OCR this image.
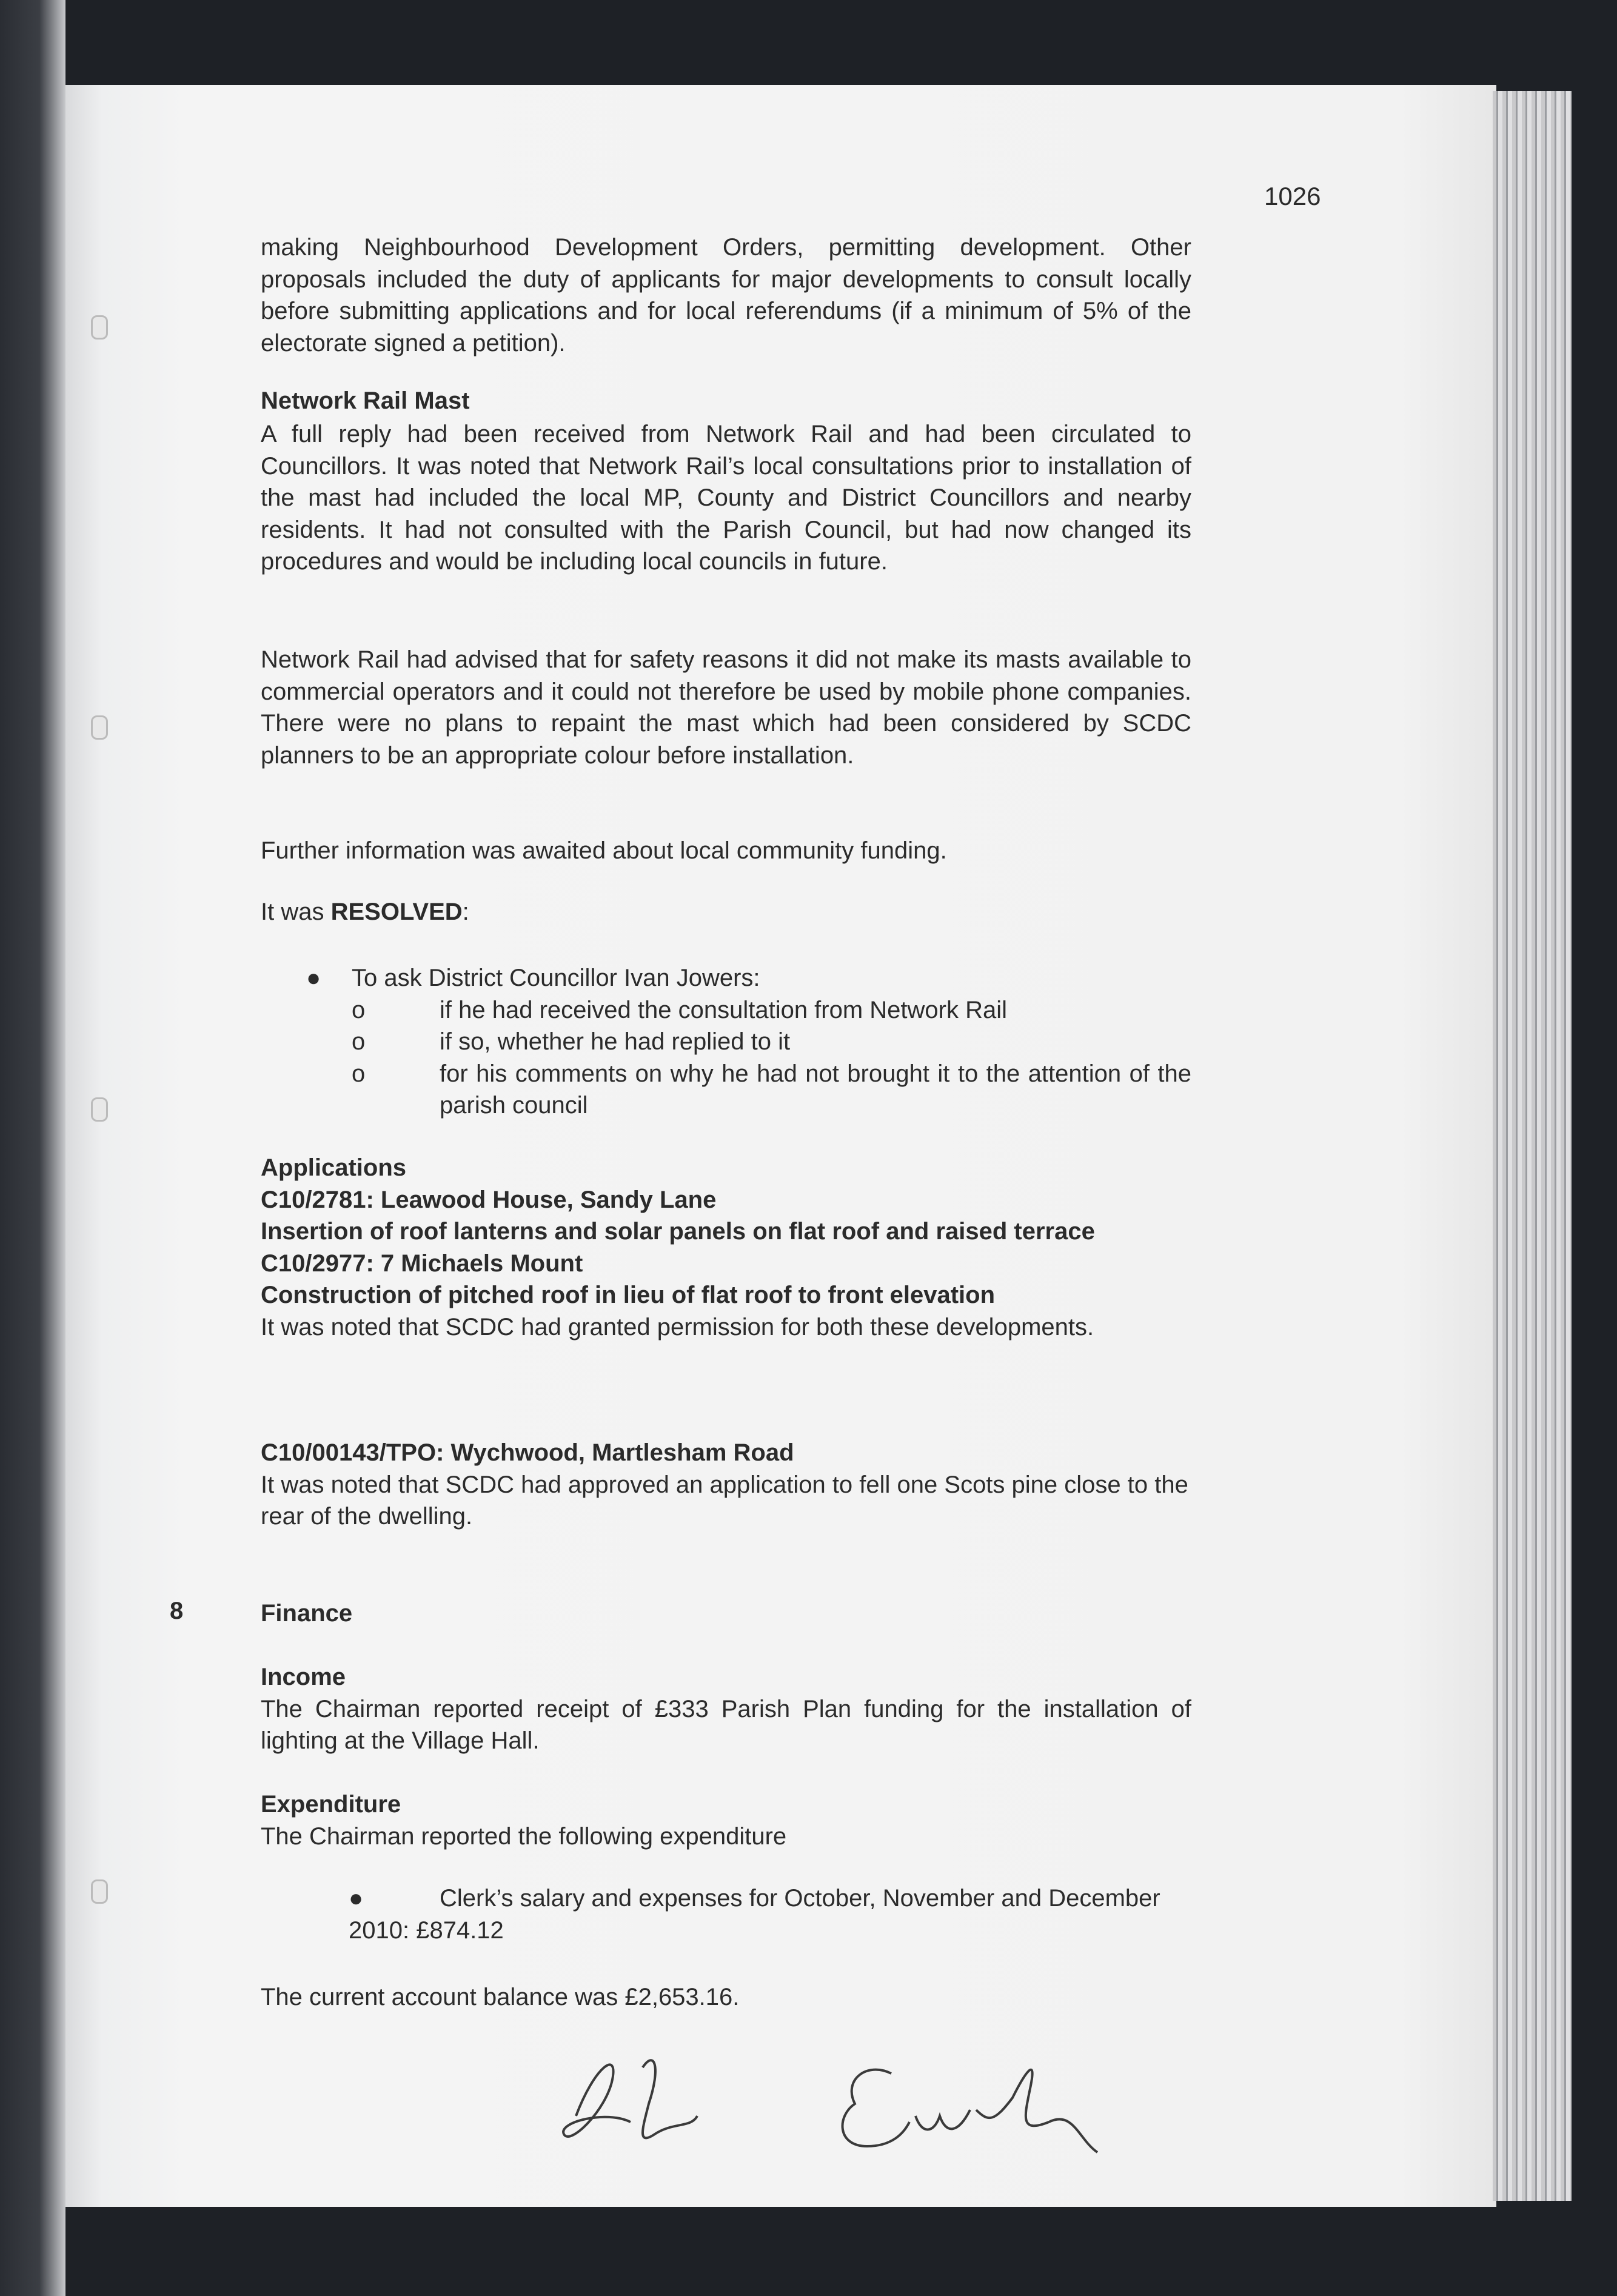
1026
making Neighbourhood Development Orders, permitting development. Other proposals included the duty of applicants for major developments to consult locally before submitting applications and for local referendums (if a minimum of 5% of the electorate signed a petition).
Network Rail Mast
A full reply had been received from Network Rail and had been circulated to Councillors. It was noted that Network Rail’s local consultations prior to installation of the mast had included the local MP, County and District Councillors and nearby residents. It had not consulted with the Parish Council, but had now changed its procedures and would be including local councils in future.
Network Rail had advised that for safety reasons it did not make its masts available to commercial operators and it could not therefore be used by mobile phone companies. There were no plans to repaint the mast which had been considered by SCDC planners to be an appropriate colour before installation.
Further information was awaited about local community funding.
It was RESOLVED:
● To ask District Councillor Ivan Jowers:
o	if he had received the consultation from Network Rail
o	if so, whether he had replied to it
o	for his comments on why he had not brought it to the attention of the parish council
Applications
C10/2781: Leawood House, Sandy Lane
Insertion of roof lanterns and solar panels on flat roof and raised terrace
C10/2977: 7 Michaels Mount
Construction of pitched roof in lieu of flat roof to front elevation
It was noted that SCDC had granted permission for both these developments.
C10/00143/TPO: Wychwood, Martlesham Road
It was noted that SCDC had approved an application to fell one Scots pine close to the rear of the dwelling.
8	Finance
Income
The Chairman reported receipt of £333 Parish Plan funding for the installation of lighting at the Village Hall.
Expenditure
The Chairman reported the following expenditure
●	Clerk’s salary and expenses for October, November and December 2010: £874.12
The current account balance was £2,653.16.
